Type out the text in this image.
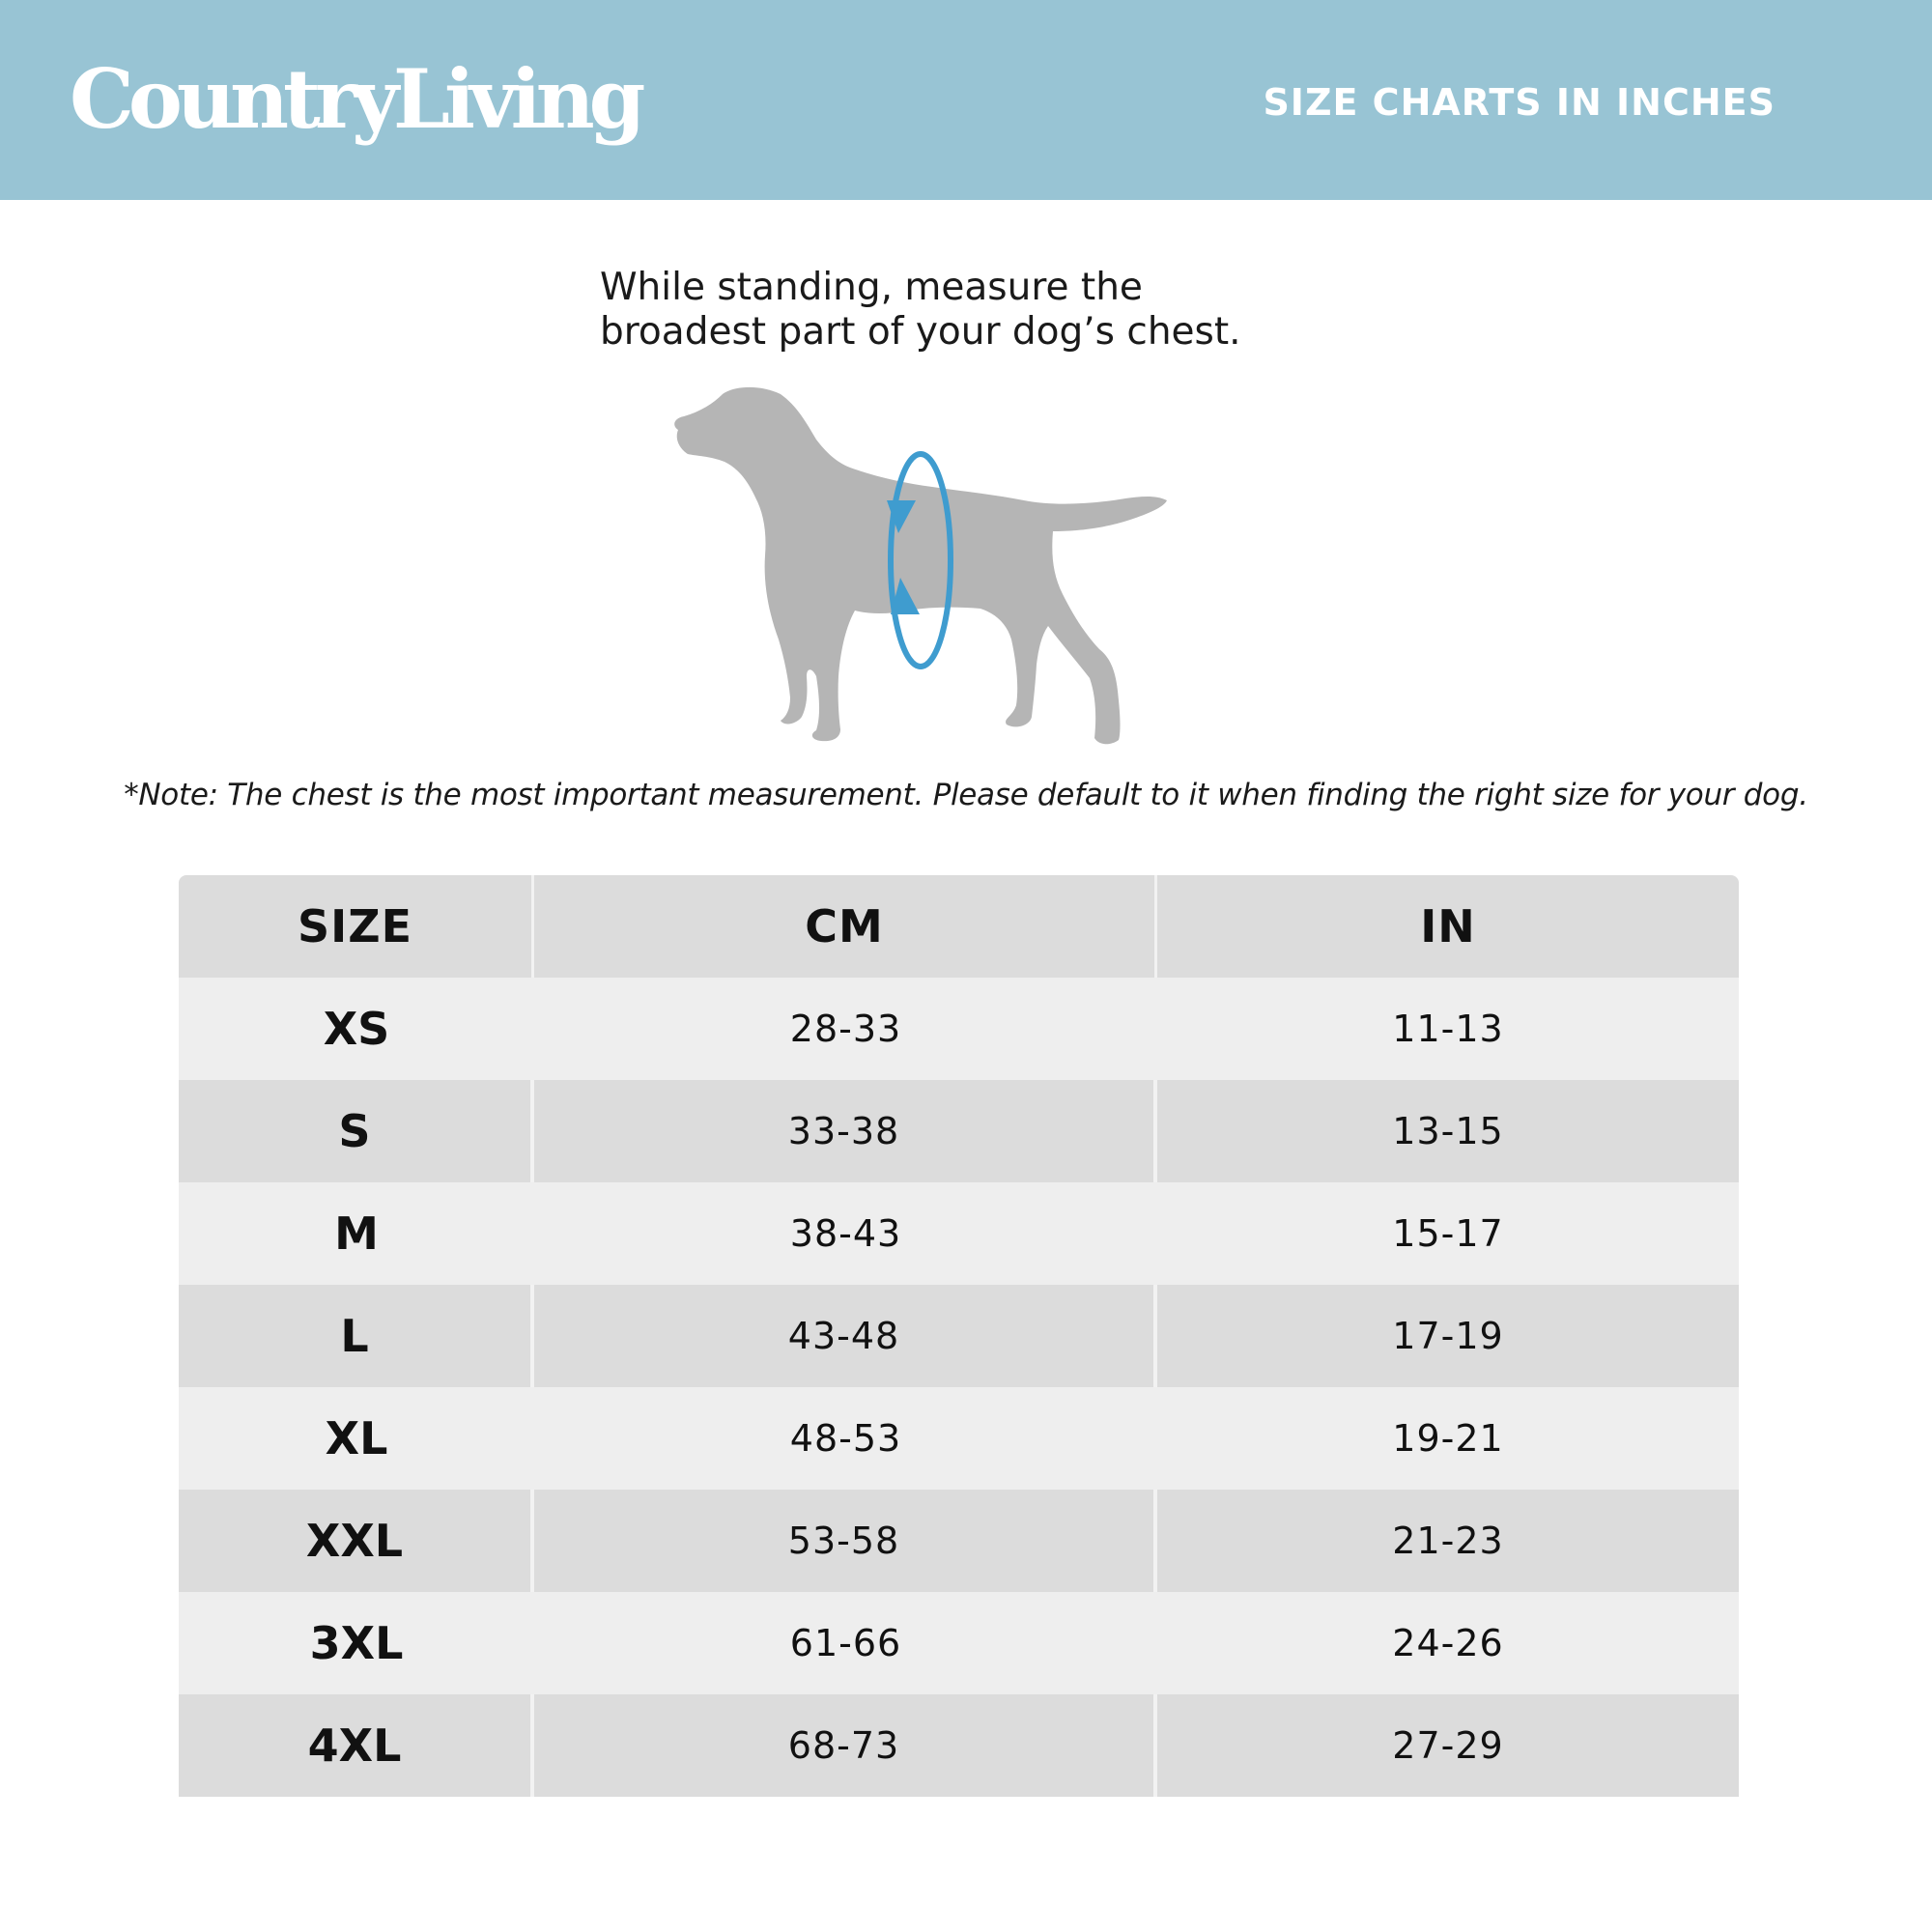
CountryLiving	SIZE CHARTS IN INCHES
While standing, measure the
broadest part of your dog’s chest.
*Note: The chest is the most important measurement. Please default to it when finding the right size for your dog.
SIZE	CM	IN
XS	28-33	11-13
S	33-38	13-15
M	38-43	15-17
L	43-48	17-19
XL	48-53	19-21
XXL	53-58	21-23
3XL	61-66	24-26
4XL	68-73	27-29
